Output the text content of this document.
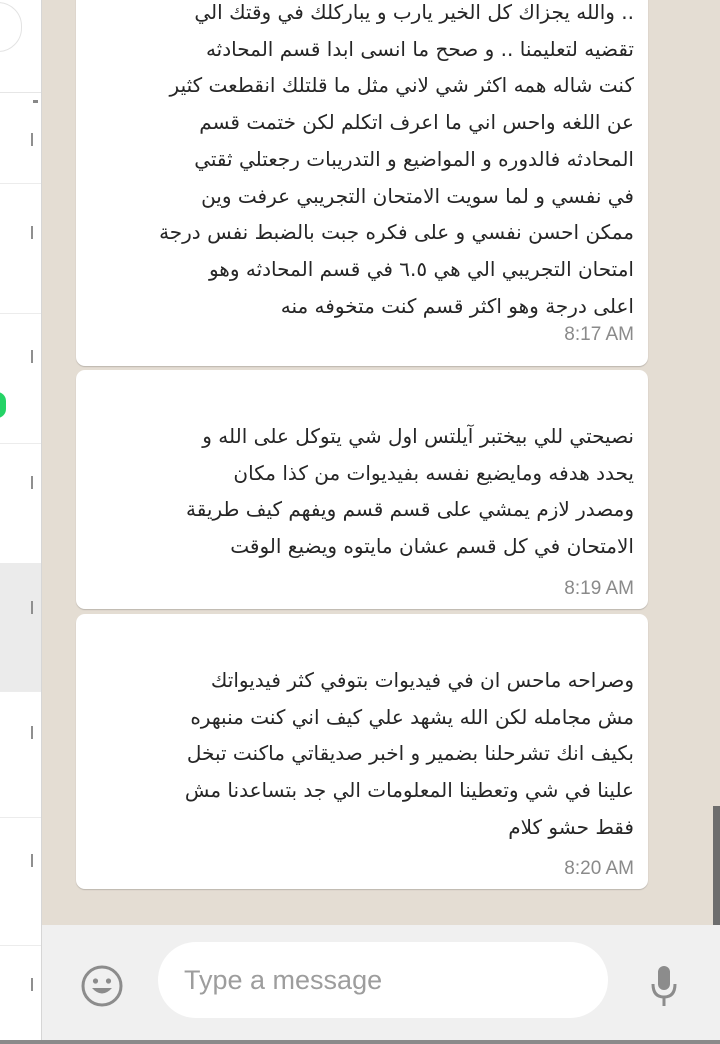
.. والله يجزاك كل الخير يارب و يباركلك في وقتك الي
تقضيه لتعليمنا .. و صحح ما انسى ابدا قسم المحادثه
كنت شاله همه اكثر شي لاني مثل ما قلتلك انقطعت كثير
عن اللغه واحس اني ما اعرف اتكلم لكن ختمت قسم
المحادثه فالدوره و المواضيع و التدريبات رجعتلي ثقتي
في نفسي و لما سويت الامتحان التجريبي عرفت وين
ممكن احسن نفسي و على فكره جبت بالضبط نفس درجة
امتحان التجريبي الي هي ٦.٥ في قسم المحادثه وهو
اعلى درجة وهو اكثر قسم كنت متخوفه منه

8:17 AM

نصيحتي للي بيختبر آيلتس اول شي يتوكل على الله و
يحدد هدفه ومايضيع نفسه بفيديوات من كذا مكان
ومصدر لازم يمشي على قسم قسم ويفهم كيف طريقة
الامتحان في كل قسم عشان مايتوه ويضيع الوقت

8:19 AM

وصراحه ماحس ان في فيديوات بتوفي كثر فيديواتك
مش مجامله لكن الله يشهد علي كيف اني كنت منبهره
بكيف انك تشرحلنا بضمير و اخبر صديقاتي ماكنت تبخل
علينا في شي وتعطينا المعلومات الي جد بتساعدنا مش
فقط حشو كلام

8:20 AM
Type a message
